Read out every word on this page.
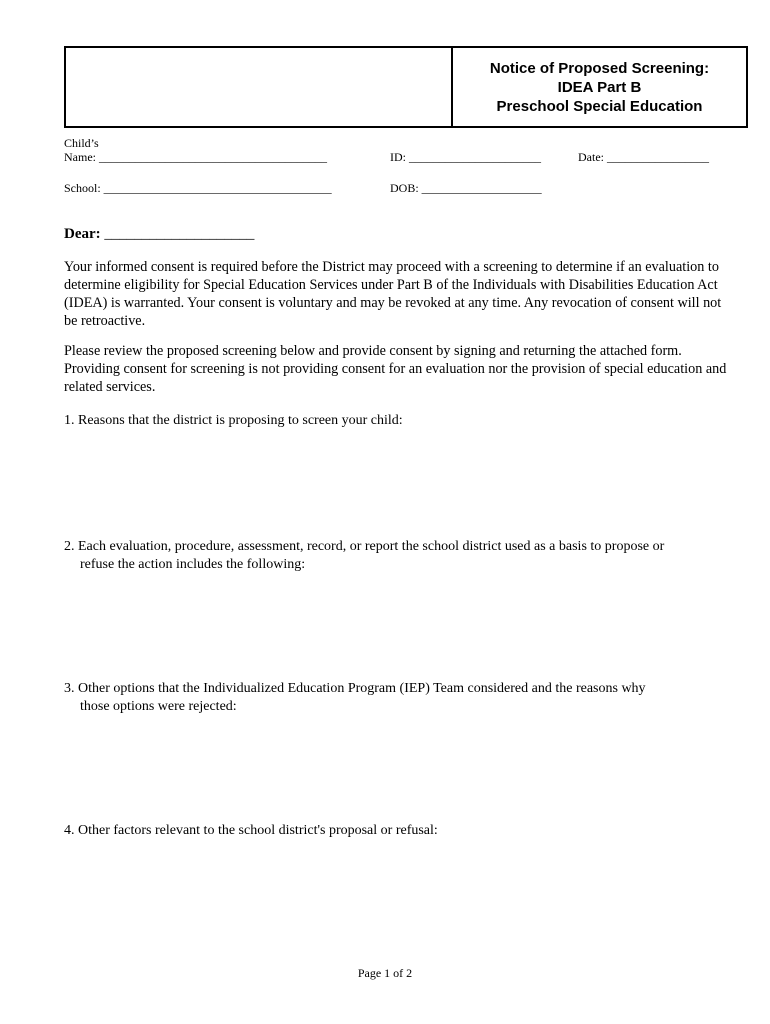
Notice of Proposed Screening:
IDEA Part B
Preschool Special Education
Child’s
Name: ______________________________________	ID: ______________________	Date: _________________
School: ______________________________________	DOB: ____________________
Dear: ____________________

Your informed consent is required before the District may proceed with a screening to determine if an evaluation to determine eligibility for Special Education Services under Part B of the Individuals with Disabilities Education Act (IDEA) is warranted. Your consent is voluntary and may be revoked at any time. Any revocation of consent will not be retroactive.

Please review the proposed screening below and provide consent by signing and returning the attached form. Providing consent for screening is not providing consent for an evaluation nor the provision of special education and related services.

1. Reasons that the district is proposing to screen your child:

2. Each evaluation, procedure, assessment, record, or report the school district used as a basis to propose or
refuse the action includes the following:

3. Other options that the Individualized Education Program (IEP) Team considered and the reasons why
those options were rejected:

4. Other factors relevant to the school district's proposal or refusal:

Page 1 of 2
